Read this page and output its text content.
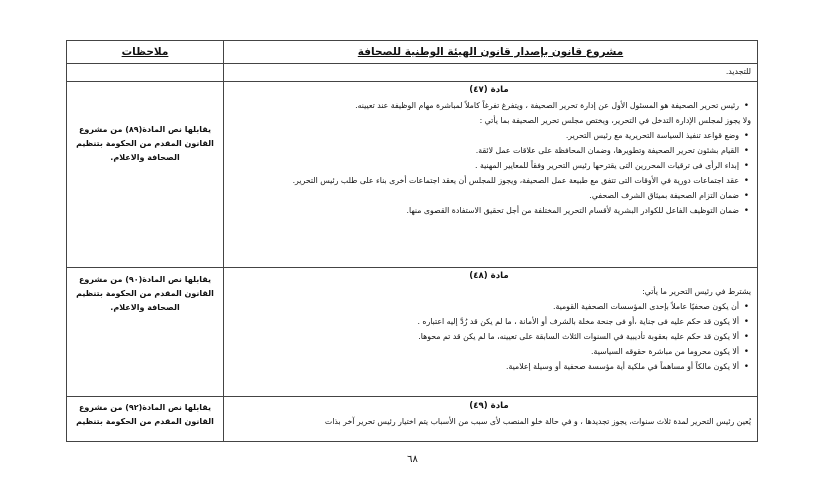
ملاحظات	مشروع قانون بإصدار قانون الهيئة الوطنية للصحافة
للتجديد.
مادة (٤٧)
• رئيس تحرير الصحيفة هو المسئول الأول عن إدارة تحرير الصحيفة ، ويتفرغ تفرغاً كاملاً لمباشرة مهام الوظيفة عند تعيينه.
ولا يجوز لمجلس الإدارة التدخل في التحرير، ويختص مجلس تحرير الصحيفة بما يأتي :
• وضع قواعد تنفيذ السياسة التحريرية مع رئيس التحرير.
• القيام بشئون تحرير الصحيفة وتطويرها، وضمان المحافظة على علاقات عمل لائقة.
• إبداء الرأى فى ترقيات المحررين التى يقترحها رئيس التحرير وفقاً للمعايير المهنية .
• عقد اجتماعات دورية في الأوقات التى تتفق مع طبيعة عمل الصحيفة، ويجوز للمجلس أن يعقد اجتماعات أخرى بناء على طلب رئيس التحرير.
• ضمان التزام الصحيفة بميثاق الشرف الصحفي.
• ضمان التوظيف الفاعل للكوادر البشرية لأقسام التحرير المختلفة من أجل تحقيق الاستفادة القصوى منها.
يقابلها نص المادة(٨٩) من مشروع القانون المقدم من الحكومة بتنظيم الصحافة والاعلام.
مادة (٤٨)
يشترط في رئيس التحرير ما يأتي:
• أن يكون صحفيًا عاملاً بإحدى المؤسسات الصحفية القومية.
• ألا يكون قد حكم عليه فى جناية ،أو فى جنحة مخلة بالشرف أو الأمانة ، ما لم يكن قد رُدَّ إليه اعتباره .
• ألا يكون قد حكم عليه بعقوبة تأديبية في السنوات الثلاث السابقة على تعيينه، ما لم يكن قد تم محوها.
• ألا يكون محروما من مباشرة حقوقه السياسية.
• ألا يكون مالكاً أو مساهماً في ملكية أية مؤسسة صحفية أو وسيلة إعلامية.
يقابلها نص المادة(٩٠) من مشروع القانون المقدم من الحكومة بتنظيم الصحافة والاعلام.
مادة (٤٩)
يُعين رئيس التحرير لمدة ثلاث سنوات، يجوز تجديدها ، و في حالة خلو المنصب لأى سبب من الأسباب يتم اختيار رئيس تحرير آخر بذات
يقابلها نص المادة(٩٢) من مشروع القانون المقدم من الحكومة بتنظيم
٦٨
